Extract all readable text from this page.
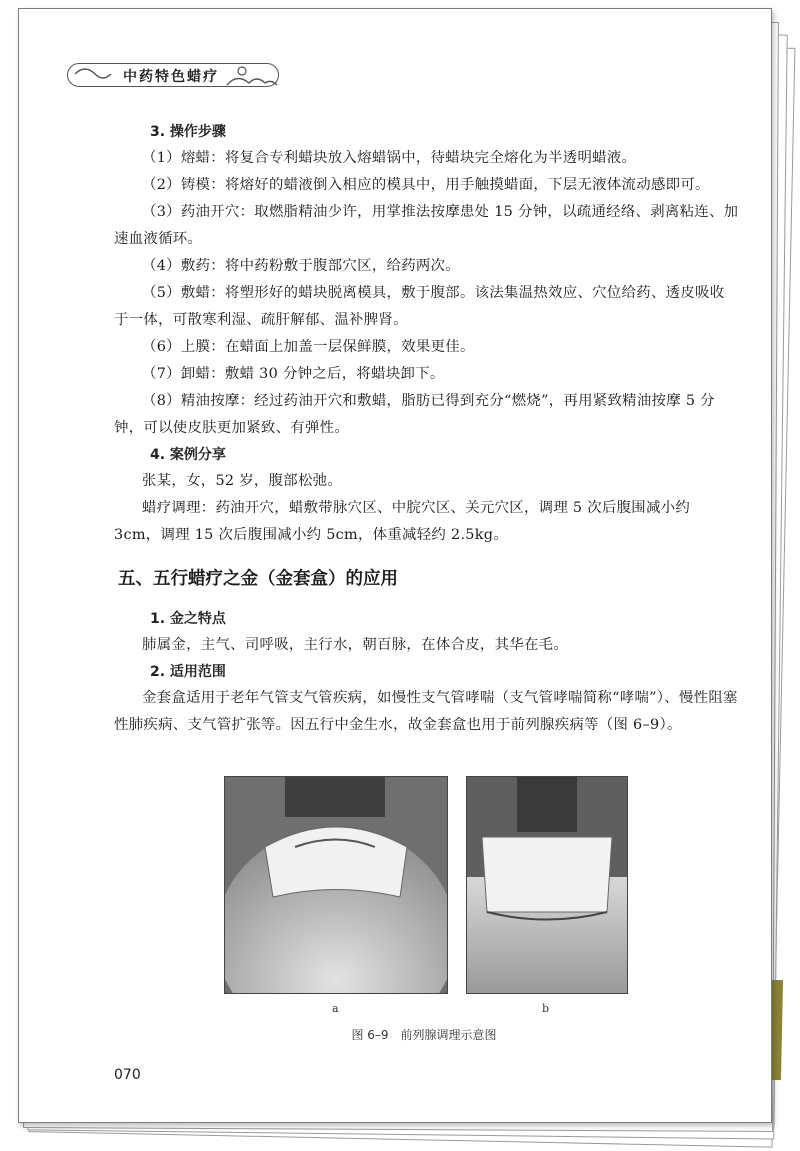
中药特色蜡疗
3. 操作步骤

（1）熔蜡：将复合专利蜡块放入熔蜡锅中，待蜡块完全熔化为半透明蜡液。

（2）铸模：将熔好的蜡液倒入相应的模具中，用手触摸蜡面，下层无液体流动感即可。

（3）药油开穴：取燃脂精油少许，用掌推法按摩患处 15 分钟，以疏通经络、剥离粘连、加速血液循环。

（4）敷药：将中药粉敷于腹部穴区，给药两次。

（5）敷蜡：将塑形好的蜡块脱离模具，敷于腹部。该法集温热效应、穴位给药、透皮吸收于一体，可散寒利湿、疏肝解郁、温补脾肾。

（6）上膜：在蜡面上加盖一层保鲜膜，效果更佳。

（7）卸蜡：敷蜡 30 分钟之后，将蜡块卸下。

（8）精油按摩：经过药油开穴和敷蜡，脂肪已得到充分“燃烧”，再用紧致精油按摩 5 分钟，可以使皮肤更加紧致、有弹性。

4. 案例分享

张某，女，52 岁，腹部松弛。

蜡疗调理：药油开穴，蜡敷带脉穴区、中脘穴区、关元穴区，调理 5 次后腹围减小约 3cm，调理 15 次后腹围减小约 5cm，体重减轻约 2.5kg。

五、五行蜡疗之金（金套盒）的应用
1. 金之特点

肺属金，主气、司呼吸，主行水，朝百脉，在体合皮，其华在毛。

2. 适用范围

金套盒适用于老年气管支气管疾病，如慢性支气管哮喘（支气管哮喘简称“哮喘”）、慢性阻塞性肺疾病、支气管扩张等。因五行中金生水，故金套盒也用于前列腺疾病等（图 6–9）。

a	b
图 6–9　前列腺调理示意图
070
